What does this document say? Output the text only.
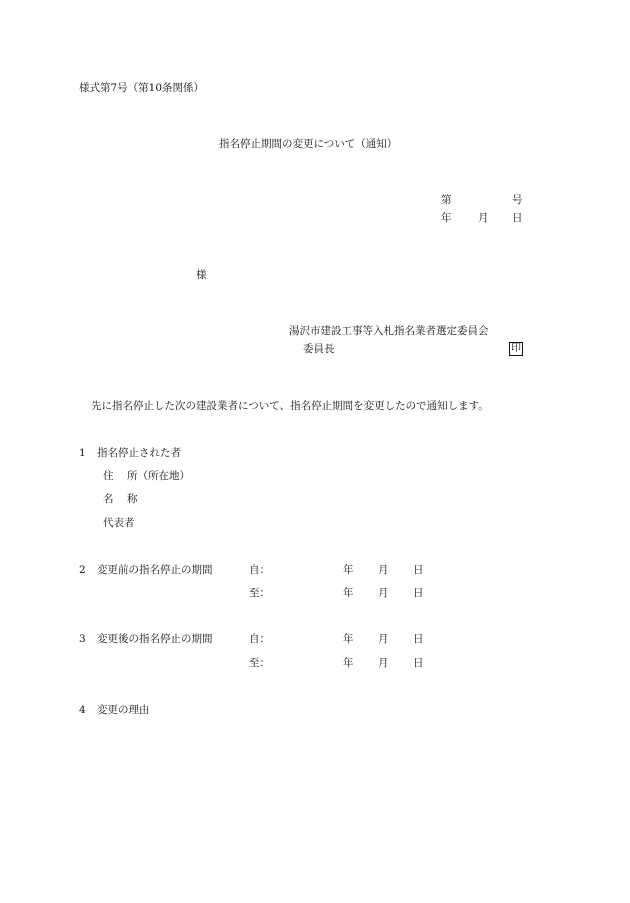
様式第7号（第10条関係）
指名停止期間の変更について（通知）
第	号
年	月 日
様
湯沢市建設工事等入札指名業者選定委員会
委員長	印
先に指名停止した次の建設業者について、指名停止期間を変更したので通知します。
1 指名停止された者
住 所（所在地）
名 称
代表者
2 変更前の指名停止の期間	自：	年 月 日
至：	年 月 日
3 変更後の指名停止の期間	自：	年 月 日
至：	年 月 日
4 変更の理由
